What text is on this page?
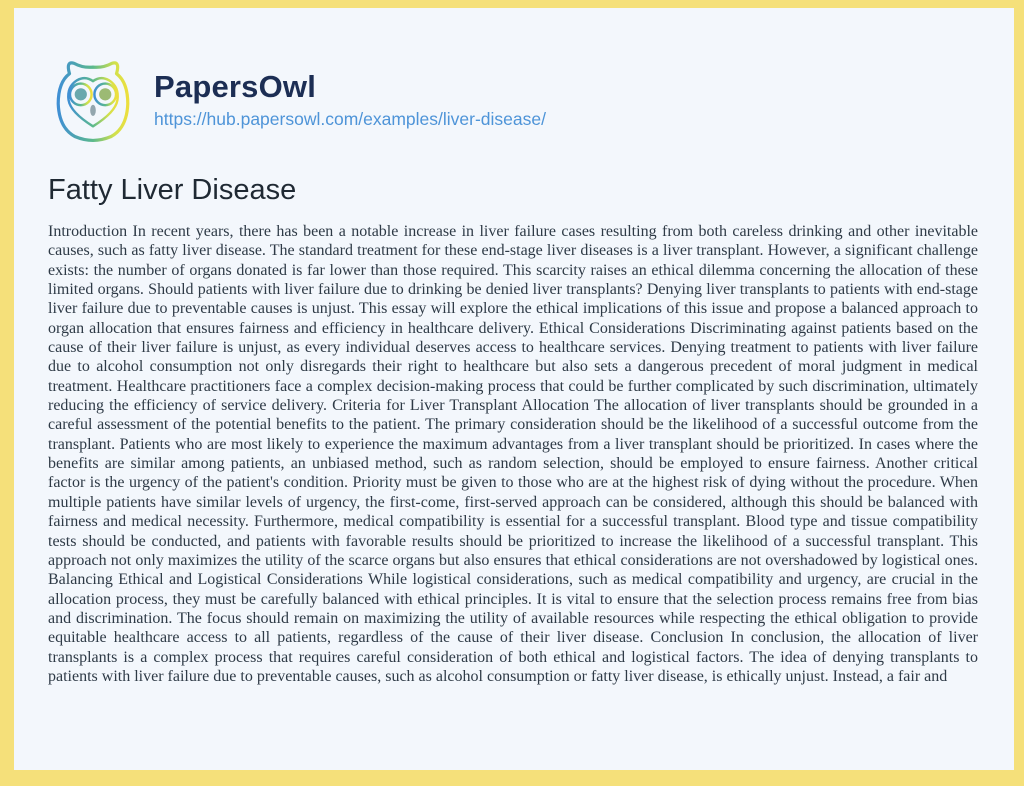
PapersOwl
https://hub.papersowl.com/examples/liver-disease/
Fatty Liver Disease

Introduction In recent years, there has been a notable increase in liver failure cases resulting from both careless drinking and other inevitable causes, such as fatty liver disease. The standard treatment for these end-stage liver diseases is a liver transplant. However, a significant challenge exists: the number of organs donated is far lower than those required. This scarcity raises an ethical dilemma concerning the allocation of these limited organs. Should patients with liver failure due to drinking be denied liver transplants? Denying liver transplants to patients with end-stage liver failure due to preventable causes is unjust. This essay will explore the ethical implications of this issue and propose a balanced approach to organ allocation that ensures fairness and efficiency in healthcare delivery. Ethical Considerations Discriminating against patients based on the cause of their liver failure is unjust, as every individual deserves access to healthcare services. Denying treatment to patients with liver failure due to alcohol consumption not only disregards their right to healthcare but also sets a dangerous precedent of moral judgment in medical treatment. Healthcare practitioners face a complex decision-making process that could be further complicated by such discrimination, ultimately reducing the efficiency of service delivery. Criteria for Liver Transplant Allocation The allocation of liver transplants should be grounded in a careful assessment of the potential benefits to the patient. The primary consideration should be the likelihood of a successful outcome from the transplant. Patients who are most likely to experience the maximum advantages from a liver transplant should be prioritized. In cases where the benefits are similar among patients, an unbiased method, such as random selection, should be employed to ensure fairness. Another critical factor is the urgency of the patient's condition. Priority must be given to those who are at the highest risk of dying without the procedure. When multiple patients have similar levels of urgency, the first-come, first-served approach can be considered, although this should be balanced with fairness and medical necessity. Furthermore, medical compatibility is essential for a successful transplant. Blood type and tissue compatibility tests should be conducted, and patients with favorable results should be prioritized to increase the likelihood of a successful transplant. This approach not only maximizes the utility of the scarce organs but also ensures that ethical considerations are not overshadowed by logistical ones. Balancing Ethical and Logistical Considerations While logistical considerations, such as medical compatibility and urgency, are crucial in the allocation process, they must be carefully balanced with ethical principles. It is vital to ensure that the selection process remains free from bias and discrimination. The focus should remain on maximizing the utility of available resources while respecting the ethical obligation to provide equitable healthcare access to all patients, regardless of the cause of their liver disease. Conclusion In conclusion, the allocation of liver transplants is a complex process that requires careful consideration of both ethical and logistical factors. The idea of denying transplants to patients with liver failure due to preventable causes, such as alcohol consumption or fatty liver disease, is ethically unjust. Instead, a fair and
